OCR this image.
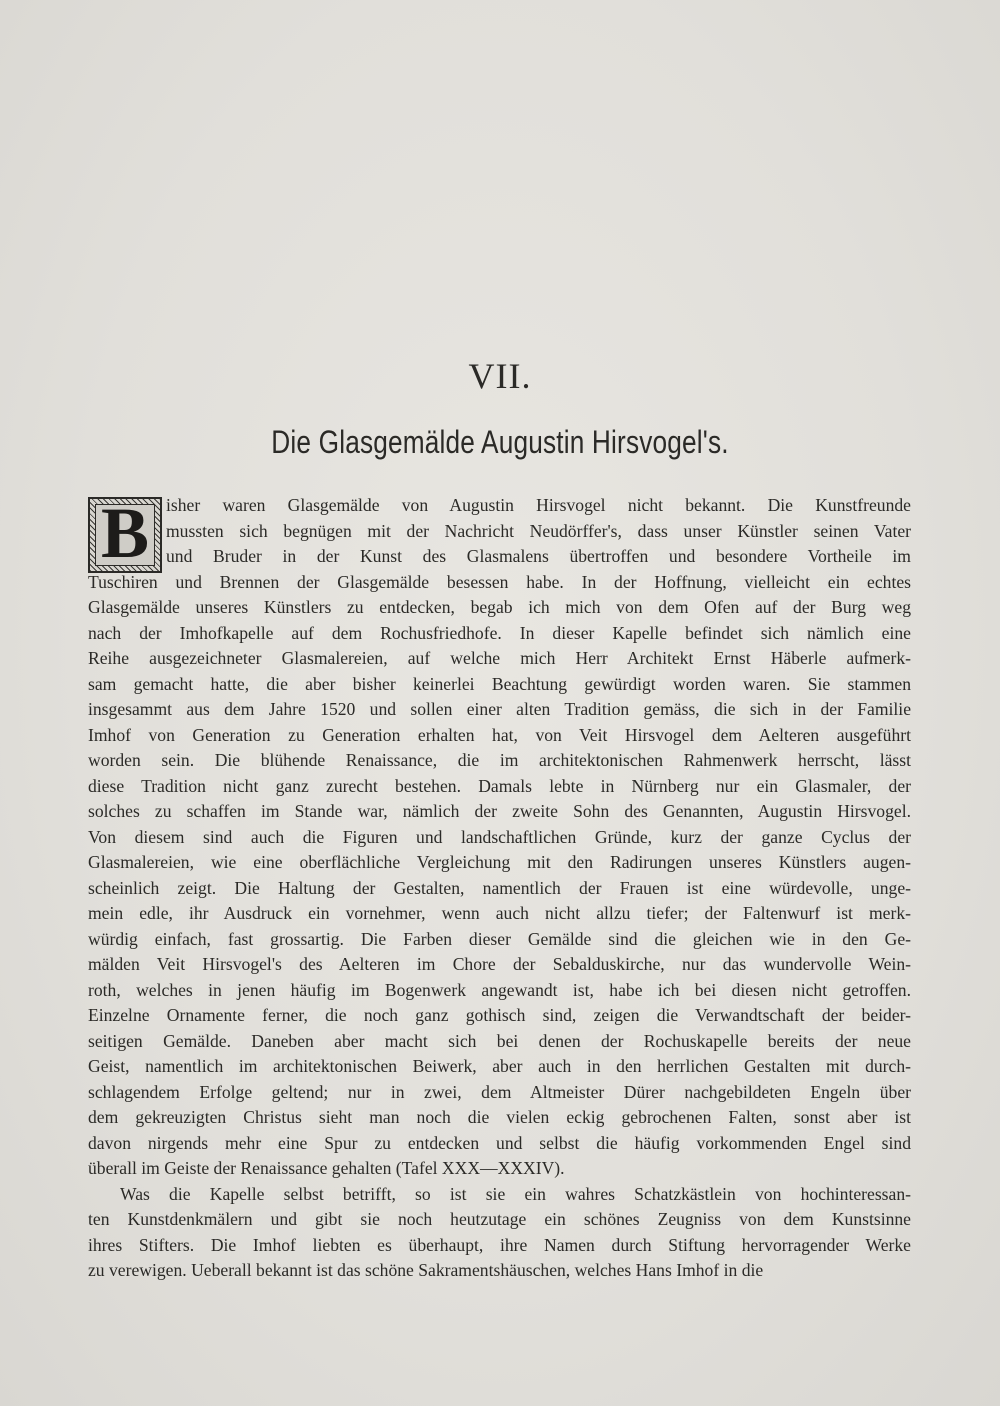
VII.
Die Glasgemälde Augustin Hirsvogel's.
B isher waren Glasgemälde von Augustin Hirsvogel nicht bekannt. Die Kunstfreunde
mussten sich begnügen mit der Nachricht Neudörffer's, dass unser Künstler seinen Vater
und Bruder in der Kunst des Glasmalens übertroffen und besondere Vortheile im
Tuschiren und Brennen der Glasgemälde besessen habe. In der Hoffnung, vielleicht ein echtes
Glasgemälde unseres Künstlers zu entdecken, begab ich mich von dem Ofen auf der Burg weg
nach der Imhofkapelle auf dem Rochusfriedhofe. In dieser Kapelle befindet sich nämlich eine
Reihe ausgezeichneter Glasmalereien, auf welche mich Herr Architekt Ernst Häberle aufmerk-
sam gemacht hatte, die aber bisher keinerlei Beachtung gewürdigt worden waren. Sie stammen
insgesammt aus dem Jahre 1520 und sollen einer alten Tradition gemäss, die sich in der Familie
Imhof von Generation zu Generation erhalten hat, von Veit Hirsvogel dem Aelteren ausgeführt
worden sein. Die blühende Renaissance, die im architektonischen Rahmenwerk herrscht, lässt
diese Tradition nicht ganz zurecht bestehen. Damals lebte in Nürnberg nur ein Glasmaler, der
solches zu schaffen im Stande war, nämlich der zweite Sohn des Genannten, Augustin Hirsvogel.
Von diesem sind auch die Figuren und landschaftlichen Gründe, kurz der ganze Cyclus der
Glasmalereien, wie eine oberflächliche Vergleichung mit den Radirungen unseres Künstlers augen-
scheinlich zeigt. Die Haltung der Gestalten, namentlich der Frauen ist eine würdevolle, unge-
mein edle, ihr Ausdruck ein vornehmer, wenn auch nicht allzu tiefer; der Faltenwurf ist merk-
würdig einfach, fast grossartig. Die Farben dieser Gemälde sind die gleichen wie in den Ge-
mälden Veit Hirsvogel's des Aelteren im Chore der Sebalduskirche, nur das wundervolle Wein-
roth, welches in jenen häufig im Bogenwerk angewandt ist, habe ich bei diesen nicht getroffen.
Einzelne Ornamente ferner, die noch ganz gothisch sind, zeigen die Verwandtschaft der beider-
seitigen Gemälde. Daneben aber macht sich bei denen der Rochuskapelle bereits der neue
Geist, namentlich im architektonischen Beiwerk, aber auch in den herrlichen Gestalten mit durch-
schlagendem Erfolge geltend; nur in zwei, dem Altmeister Dürer nachgebildeten Engeln über
dem gekreuzigten Christus sieht man noch die vielen eckig gebrochenen Falten, sonst aber ist
davon nirgends mehr eine Spur zu entdecken und selbst die häufig vorkommenden Engel sind
überall im Geiste der Renaissance gehalten (Tafel XXX—XXXIV).
Was die Kapelle selbst betrifft, so ist sie ein wahres Schatzkästlein von hochinteressan-
ten Kunstdenkmälern und gibt sie noch heutzutage ein schönes Zeugniss von dem Kunstsinne
ihres Stifters. Die Imhof liebten es überhaupt, ihre Namen durch Stiftung hervorragender Werke
zu verewigen. Ueberall bekannt ist das schöne Sakramentshäuschen, welches Hans Imhof in die
